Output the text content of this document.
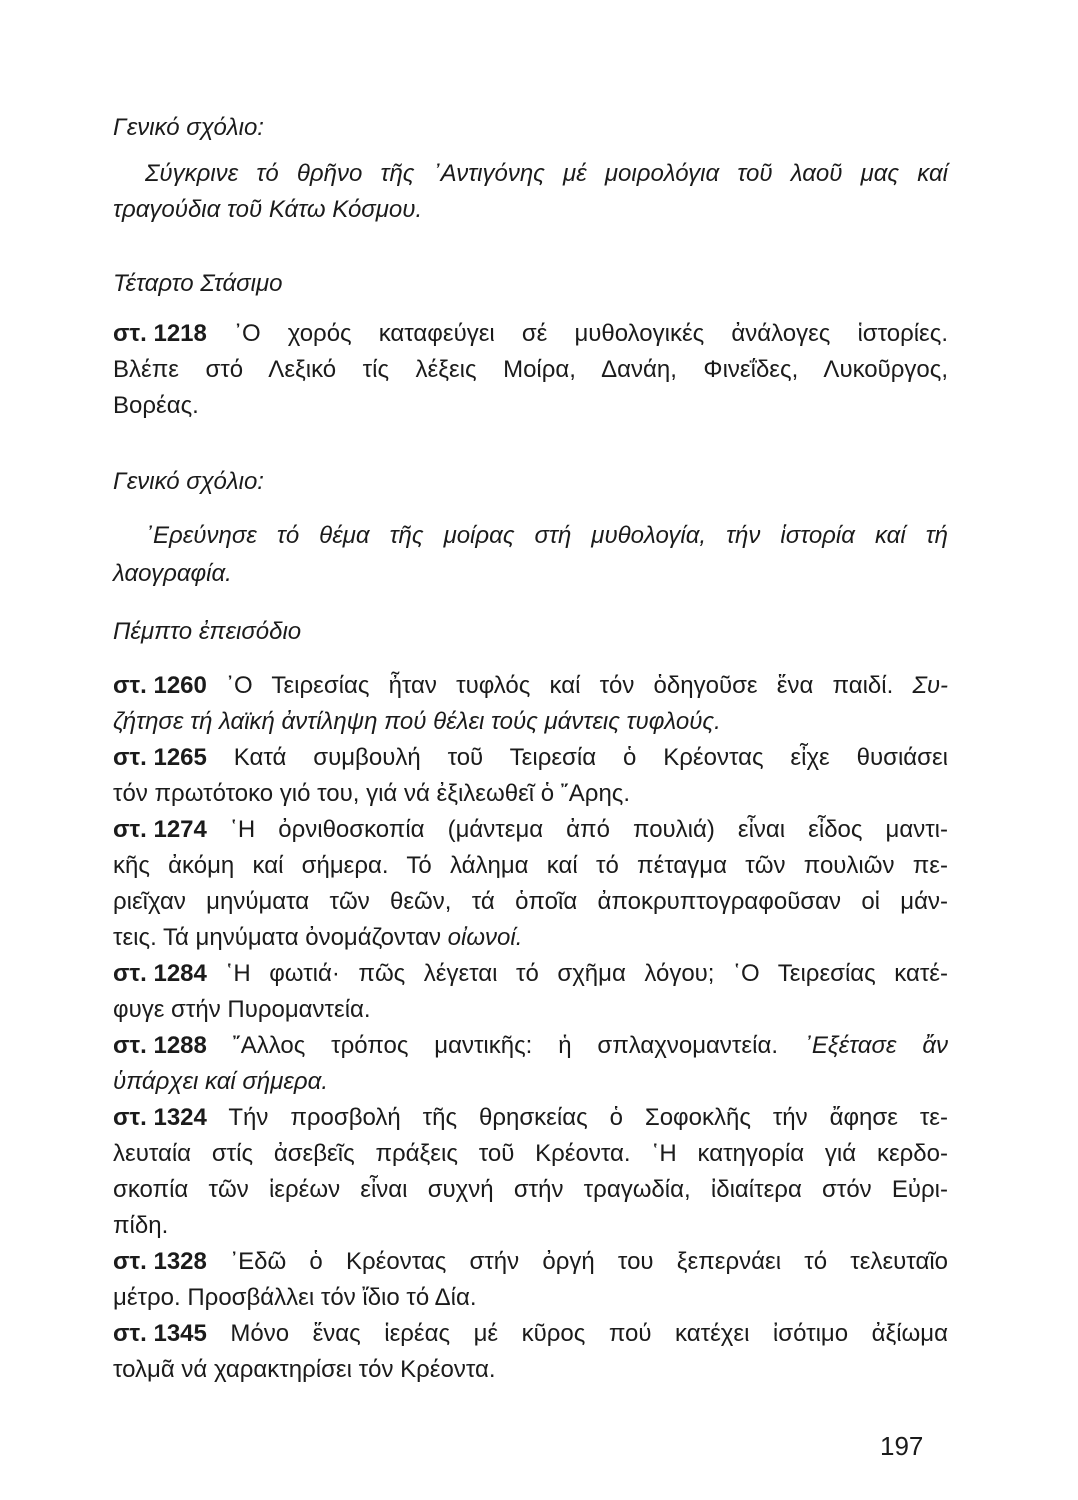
Γενικό σχόλιο:
Σύγκρινε τό θρῆνο τῆς ᾿Αντιγόνης μέ μοιρολόγια τοῦ λαοῦ μας καί
τραγούδια τοῦ Κάτω Κόσμου.
Τέταρτο Στάσιμο
στ. 1218 ᾿Ο χορός καταφεύγει σέ μυθολογικές ἀνάλογες ἱστορίες.
Βλέπε στό Λεξικό τίς λέξεις Μοίρα, Δανάη, Φινεΐδες, Λυκοῦργος,
Βορέας.
Γενικό σχόλιο:
᾿Ερεύνησε τό θέμα τῆς μοίρας στή μυθολογία, τήν ἱστορία καί τή
λαογραφία.
Πέμπτο ἐπεισόδιο
στ. 1260 ᾿Ο Τειρεσίας ἦταν τυφλός καί τόν ὁδηγοῦσε ἕνα παιδί. Συ-
ζήτησε τή λαϊκή ἀντίληψη πού θέλει τούς μάντεις τυφλούς.
στ. 1265 Κατά συμβουλή τοῦ Τειρεσία ὁ Κρέοντας εἶχε θυσιάσει
τόν πρωτότοκο γιό του, γιά νά ἐξιλεωθεῖ ὁ ῎Αρης.
στ. 1274 ῾Η ὀρνιθοσκοπία (μάντεμα ἀπό πουλιά) εἶναι εἶδος μαντι-
κῆς ἀκόμη καί σήμερα. Τό λάλημα καί τό πέταγμα τῶν πουλιῶν πε-
ριεῖχαν μηνύματα τῶν θεῶν, τά ὁποῖα ἀποκρυπτογραφοῦσαν οἱ μάν-
τεις. Τά μηνύματα ὀνομάζονταν οἰωνοί.
στ. 1284 ῾Η φωτιά· πῶς λέγεται τό σχῆμα λόγου; ῾Ο Τειρεσίας κατέ-
φυγε στήν Πυρομαντεία.
στ. 1288 ῎Αλλος τρόπος μαντικῆς: ἡ σπλαχνομαντεία. ᾿Εξέτασε ἄν
ὑπάρχει καί σήμερα.
στ. 1324 Τήν προσβολή τῆς θρησκείας ὁ Σοφοκλῆς τήν ἄφησε τε-
λευταία στίς ἀσεβεῖς πράξεις τοῦ Κρέοντα. ῾Η κατηγορία γιά κερδο-
σκοπία τῶν ἱερέων εἶναι συχνή στήν τραγωδία, ἰδιαίτερα στόν Εὐρι-
πίδη.
στ. 1328 ᾿Εδῶ ὁ Κρέοντας στήν ὀργή του ξεπερνάει τό τελευταῖο
μέτρο. Προσβάλλει τόν ἴδιο τό Δία.
στ. 1345 Μόνο ἕνας ἱερέας μέ κῦρος πού κατέχει ἰσότιμο ἀξίωμα
τολμᾶ νά χαρακτηρίσει τόν Κρέοντα.
197
